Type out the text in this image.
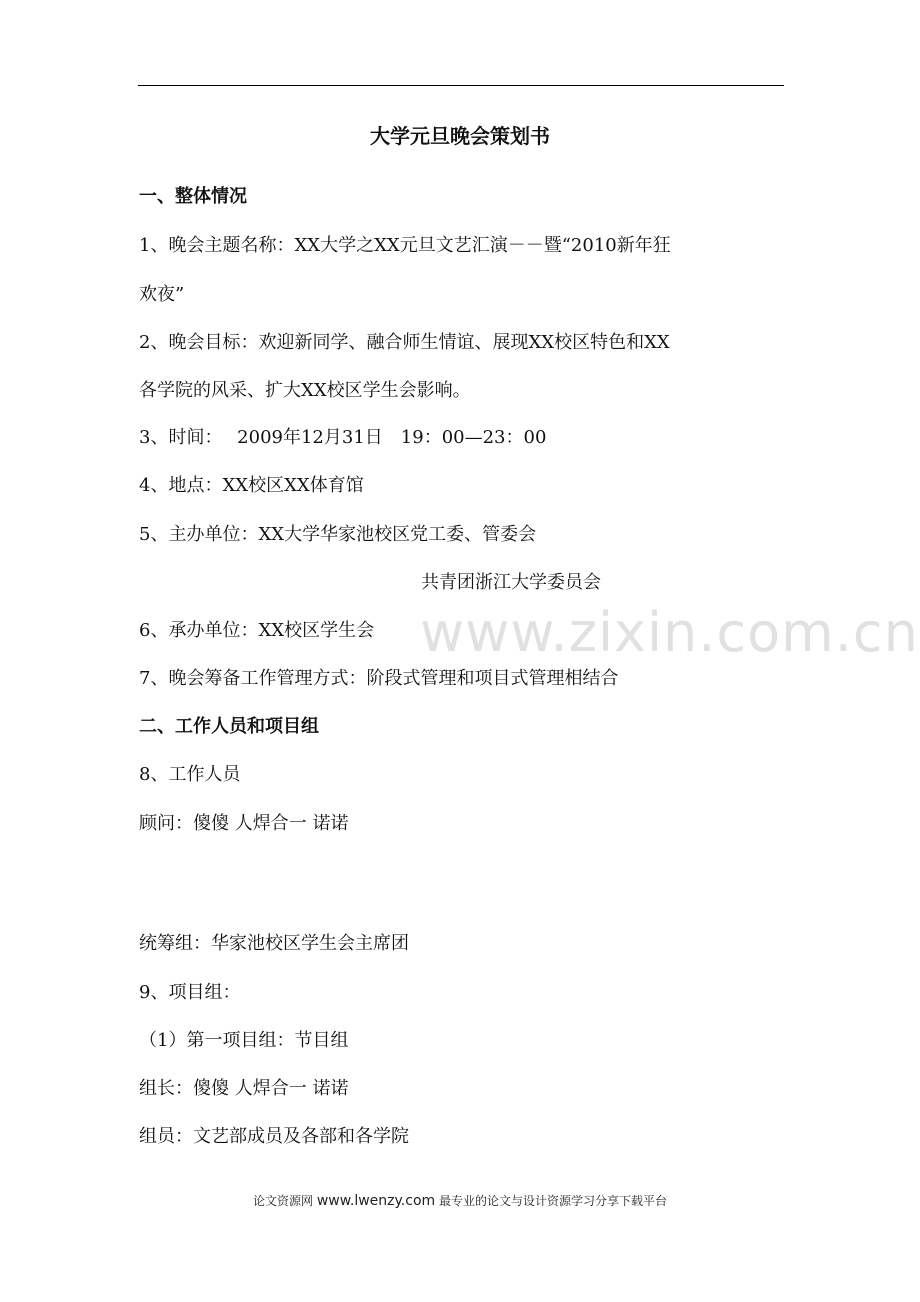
大学元旦晚会策划书
一、整体情况
1、晚会主题名称：XX大学之XX元旦文艺汇演－－暨“2010新年狂
欢夜”
2、晚会目标：欢迎新同学、融合师生情谊、展现XX校区特色和XX
各学院的风采、扩大XX校区学生会影响。
3、时间：　 2009年12月31日　19：00—23：00
4、地点：XX校区XX体育馆
5、主办单位：XX大学华家池校区党工委、管委会
共青团浙江大学委员会
6、承办单位：XX校区学生会
7、晚会筹备工作管理方式：阶段式管理和项目式管理相结合
二、工作人员和项目组
8、工作人员
顾问：傻傻 人焊合一 诺诺
统筹组：华家池校区学生会主席团
9、项目组：
（1）第一项目组：节目组
组长：傻傻 人焊合一 诺诺
组员：文艺部成员及各部和各学院
www.zixin.com.cn
论文资源网 www.lwenzy.com 最专业的论文与设计资源学习分享下载平台
